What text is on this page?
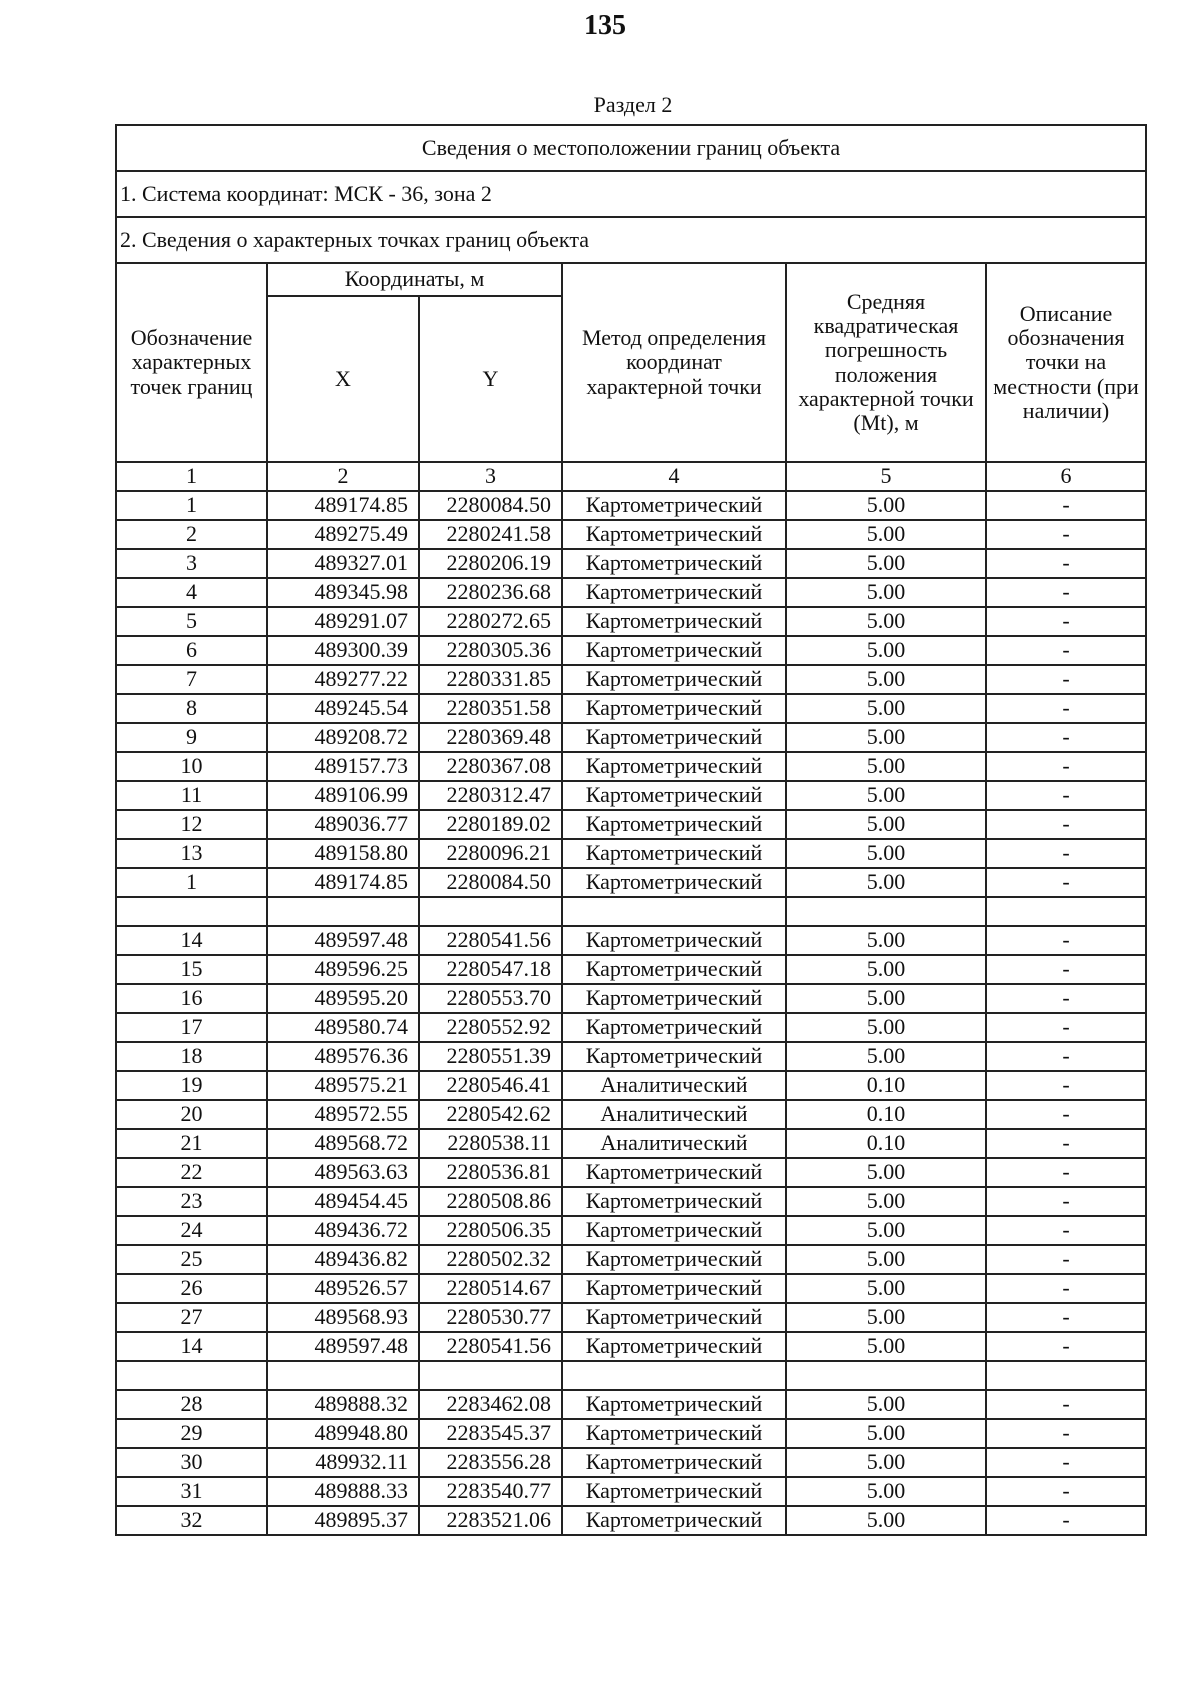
135
Раздел 2
Сведения о местоположении границ объекта					
1. Система координат: МСК - 36, зона 2					
2. Сведения о характерных точках границ объекта					
Обозначение характерных точек границ	Координаты, м		Метод определения координат характерной точки	Средняя квадратическая погрешность положения характерной точки (Mt), м	Описание обозначения точки на местности (при наличии)
	X	Y			
1	2	3	4	5	6
1	489174.85	2280084.50	Картометрический	5.00	-
2	489275.49	2280241.58	Картометрический	5.00	-
3	489327.01	2280206.19	Картометрический	5.00	-
4	489345.98	2280236.68	Картометрический	5.00	-
5	489291.07	2280272.65	Картометрический	5.00	-
6	489300.39	2280305.36	Картометрический	5.00	-
7	489277.22	2280331.85	Картометрический	5.00	-
8	489245.54	2280351.58	Картометрический	5.00	-
9	489208.72	2280369.48	Картометрический	5.00	-
10	489157.73	2280367.08	Картометрический	5.00	-
11	489106.99	2280312.47	Картометрический	5.00	-
12	489036.77	2280189.02	Картометрический	5.00	-
13	489158.80	2280096.21	Картометрический	5.00	-
1	489174.85	2280084.50	Картометрический	5.00	-

14	489597.48	2280541.56	Картометрический	5.00	-
15	489596.25	2280547.18	Картометрический	5.00	-
16	489595.20	2280553.70	Картометрический	5.00	-
17	489580.74	2280552.92	Картометрический	5.00	-
18	489576.36	2280551.39	Картометрический	5.00	-
19	489575.21	2280546.41	Аналитический	0.10	-
20	489572.55	2280542.62	Аналитический	0.10	-
21	489568.72	2280538.11	Аналитический	0.10	-
22	489563.63	2280536.81	Картометрический	5.00	-
23	489454.45	2280508.86	Картометрический	5.00	-
24	489436.72	2280506.35	Картометрический	5.00	-
25	489436.82	2280502.32	Картометрический	5.00	-
26	489526.57	2280514.67	Картометрический	5.00	-
27	489568.93	2280530.77	Картометрический	5.00	-
14	489597.48	2280541.56	Картометрический	5.00	-

28	489888.32	2283462.08	Картометрический	5.00	-
29	489948.80	2283545.37	Картометрический	5.00	-
30	489932.11	2283556.28	Картометрический	5.00	-
31	489888.33	2283540.77	Картометрический	5.00	-
32	489895.37	2283521.06	Картометрический	5.00	-
